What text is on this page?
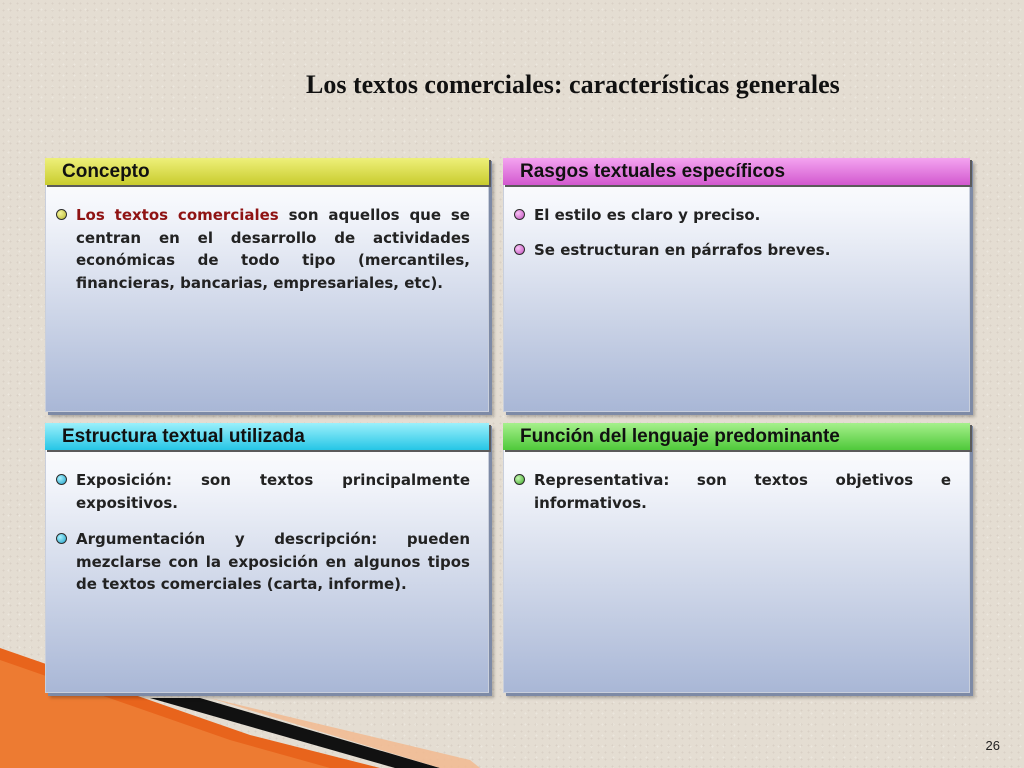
Los textos comerciales: características generales
Concepto
Los textos comerciales son aquellos que se centran en el desarrollo de actividades económicas de todo tipo (mercantiles, financieras, bancarias, empresariales, etc).
Rasgos textuales específicos
El estilo es claro y preciso.
Se estructuran en párrafos breves.
Estructura textual utilizada
Exposición: son textos principalmente expositivos.
Argumentación y descripción: pueden mezclarse con la exposición en algunos tipos de textos comerciales (carta, informe).
Función del lenguaje predominante
Representativa: son textos objetivos e informativos.
26
